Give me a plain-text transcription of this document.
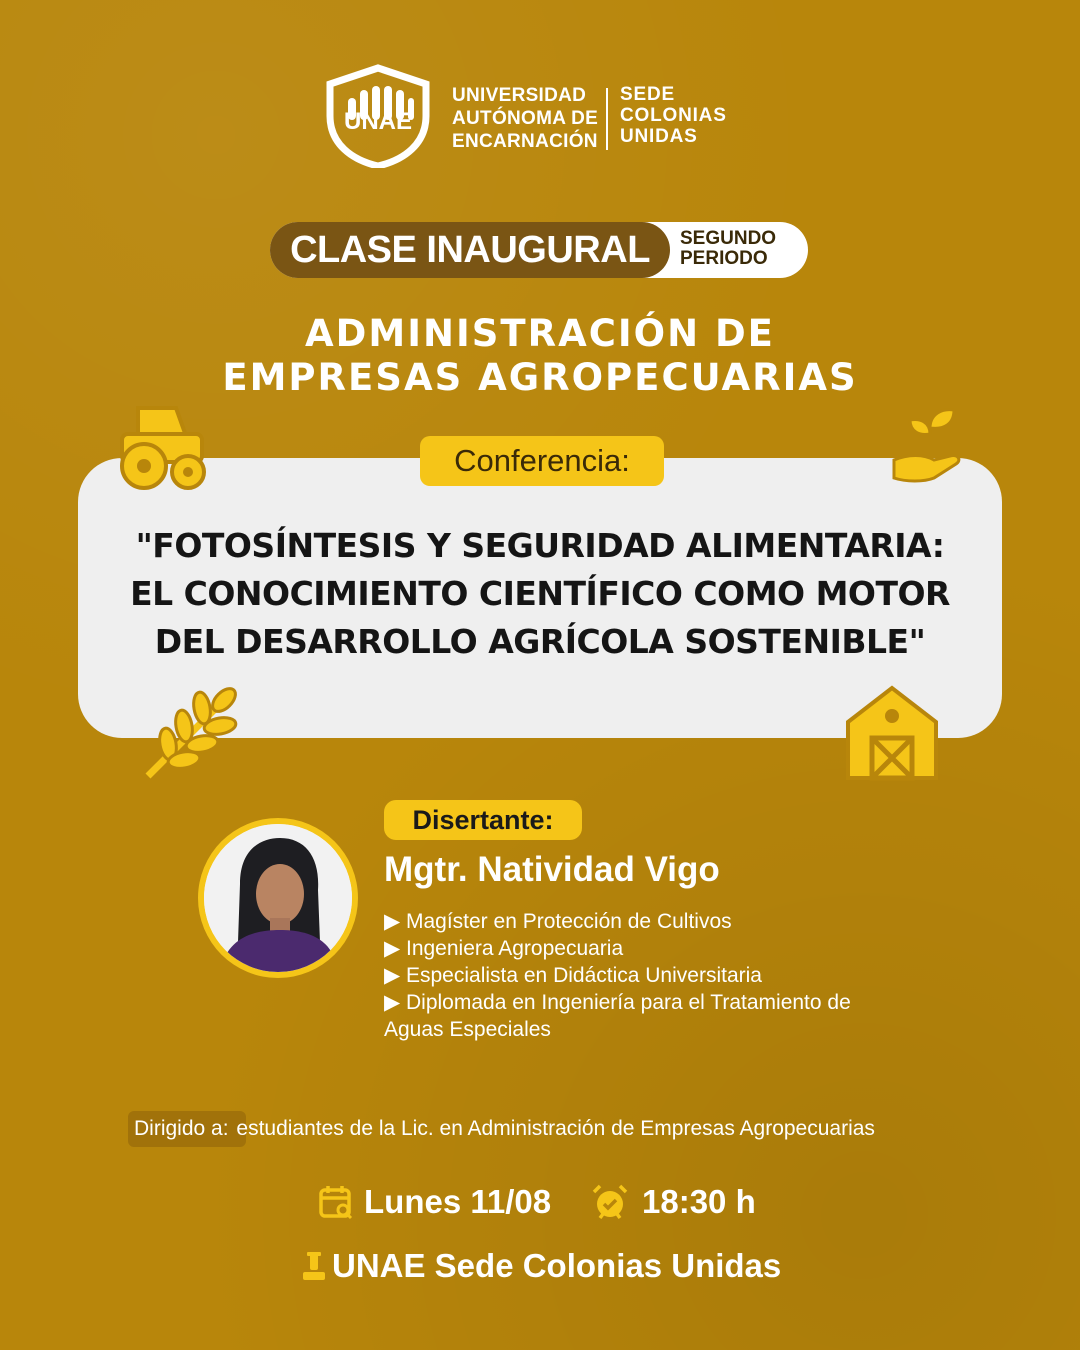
UNAE
UNIVERSIDAD
AUTÓNOMA DE
ENCARNACIÓN
SEDE
COLONIAS
UNIDAS
CLASE INAUGURAL	SEGUNDO
PERIODO
ADMINISTRACIÓN DE
EMPRESAS AGROPECUARIAS
Conferencia:
"FOTOSÍNTESIS Y SEGURIDAD ALIMENTARIA:
EL CONOCIMIENTO CIENTÍFICO COMO MOTOR
DEL DESARROLLO AGRÍCOLA SOSTENIBLE"
Disertante:
Mgtr. Natividad Vigo
▶ Magíster en Protección de Cultivos
▶ Ingeniera Agropecuaria
▶ Especialista en Didáctica Universitaria
▶ Diplomada en Ingeniería para el Tratamiento de
Aguas Especiales
Dirigido a: estudiantes de la Lic. en Administración de Empresas Agropecuarias
Lunes 11/08	18:30 h
UNAE Sede Colonias Unidas
